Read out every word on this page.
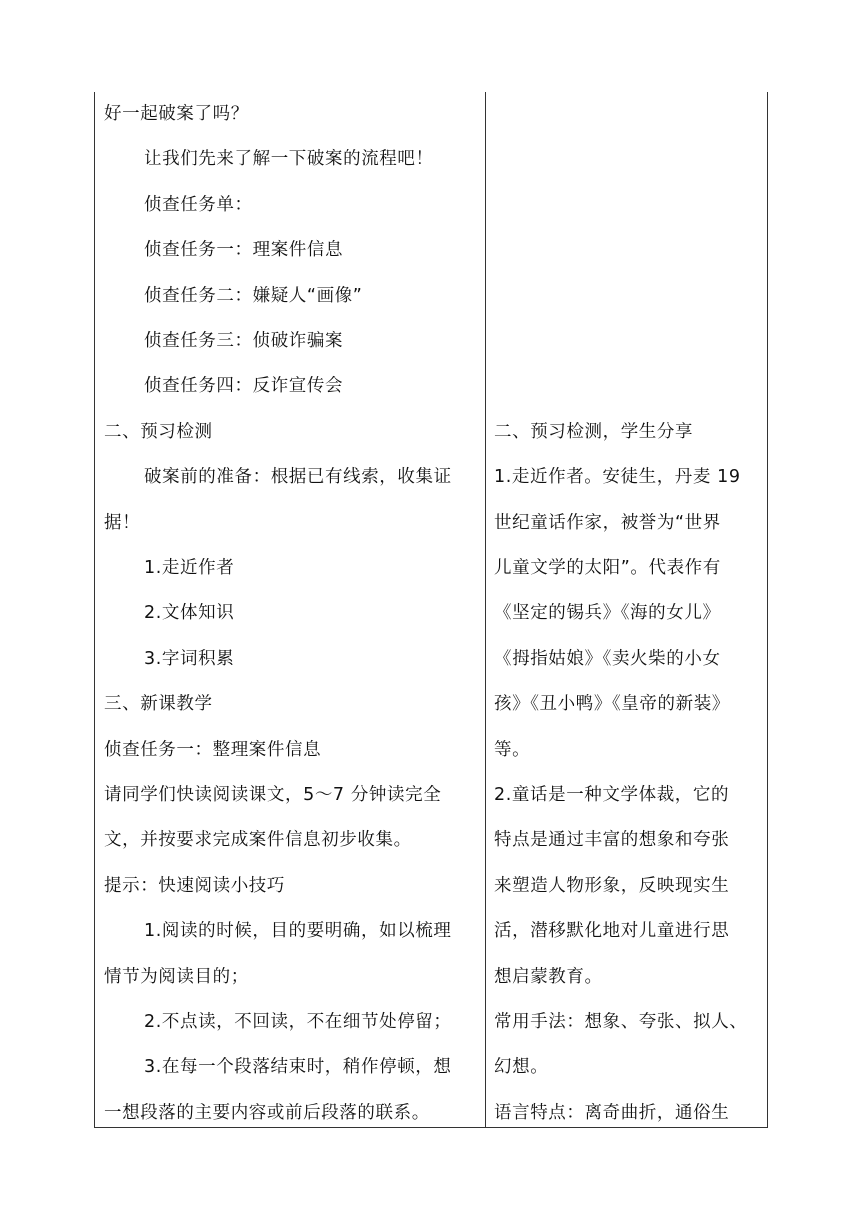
好一起破案了吗？
让我们先来了解一下破案的流程吧！
侦查任务单：
侦查任务一：理案件信息
侦查任务二：嫌疑人“画像”
侦查任务三：侦破诈骗案
侦查任务四：反诈宣传会
二、预习检测
破案前的准备：根据已有线索，收集证
据！
1.走近作者
2.文体知识
3.字词积累
三、新课教学
侦查任务一：整理案件信息
请同学们快读阅读课文，5～7 分钟读完全
文，并按要求完成案件信息初步收集。
提示：快速阅读小技巧
1.阅读的时候，目的要明确，如以梳理
情节为阅读目的；
2.不点读，不回读，不在细节处停留；
3.在每一个段落结束时，稍作停顿，想
一想段落的主要内容或前后段落的联系。
二、预习检测，学生分享
1.走近作者。安徒生，丹麦 19
世纪童话作家，被誉为“世界
儿童文学的太阳”。代表作有
《坚定的锡兵》《海的女儿》
《拇指姑娘》《卖火柴的小女
孩》《丑小鸭》《皇帝的新装》
等。
2.童话是一种文学体裁，它的
特点是通过丰富的想象和夸张
来塑造人物形象，反映现实生
活，潜移默化地对儿童进行思
想启蒙教育。
常用手法：想象、夸张、拟人、
幻想。
语言特点：离奇曲折，通俗生
